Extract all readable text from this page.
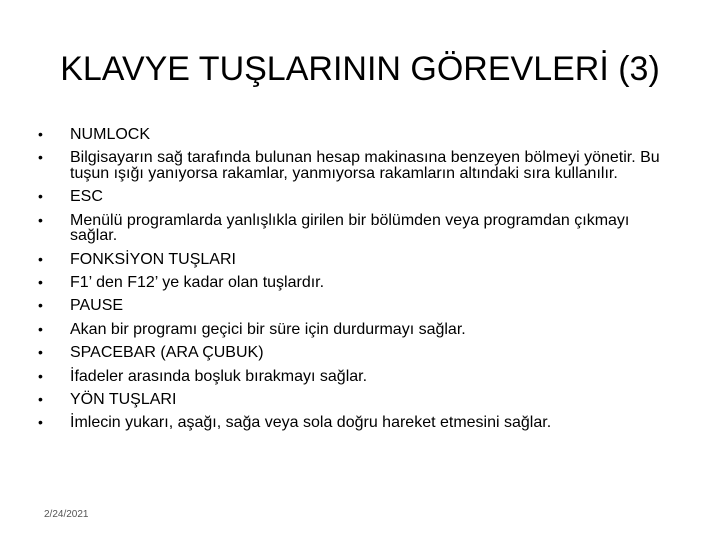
KLAVYE TUŞLARININ GÖREVLERİ (3)
•	NUMLOCK
•	Bilgisayarın sağ tarafında bulunan hesap makinasına benzeyen bölmeyi yönetir. Bu tuşun ışığı yanıyorsa rakamlar, yanmıyorsa rakamların altındaki sıra kullanılır.
•	ESC
•	Menülü programlarda yanlışlıkla girilen bir bölümden veya programdan çıkmayı sağlar.
•	FONKSİYON TUŞLARI
•	F1’ den F12’ ye kadar olan tuşlardır.
•	PAUSE
•	Akan bir programı geçici bir süre için durdurmayı sağlar.
•	SPACEBAR (ARA ÇUBUK)
•	İfadeler arasında boşluk bırakmayı sağlar.
•	YÖN TUŞLARI
•	İmlecin yukarı, aşağı, sağa veya sola doğru hareket etmesini sağlar.
2/24/2021
